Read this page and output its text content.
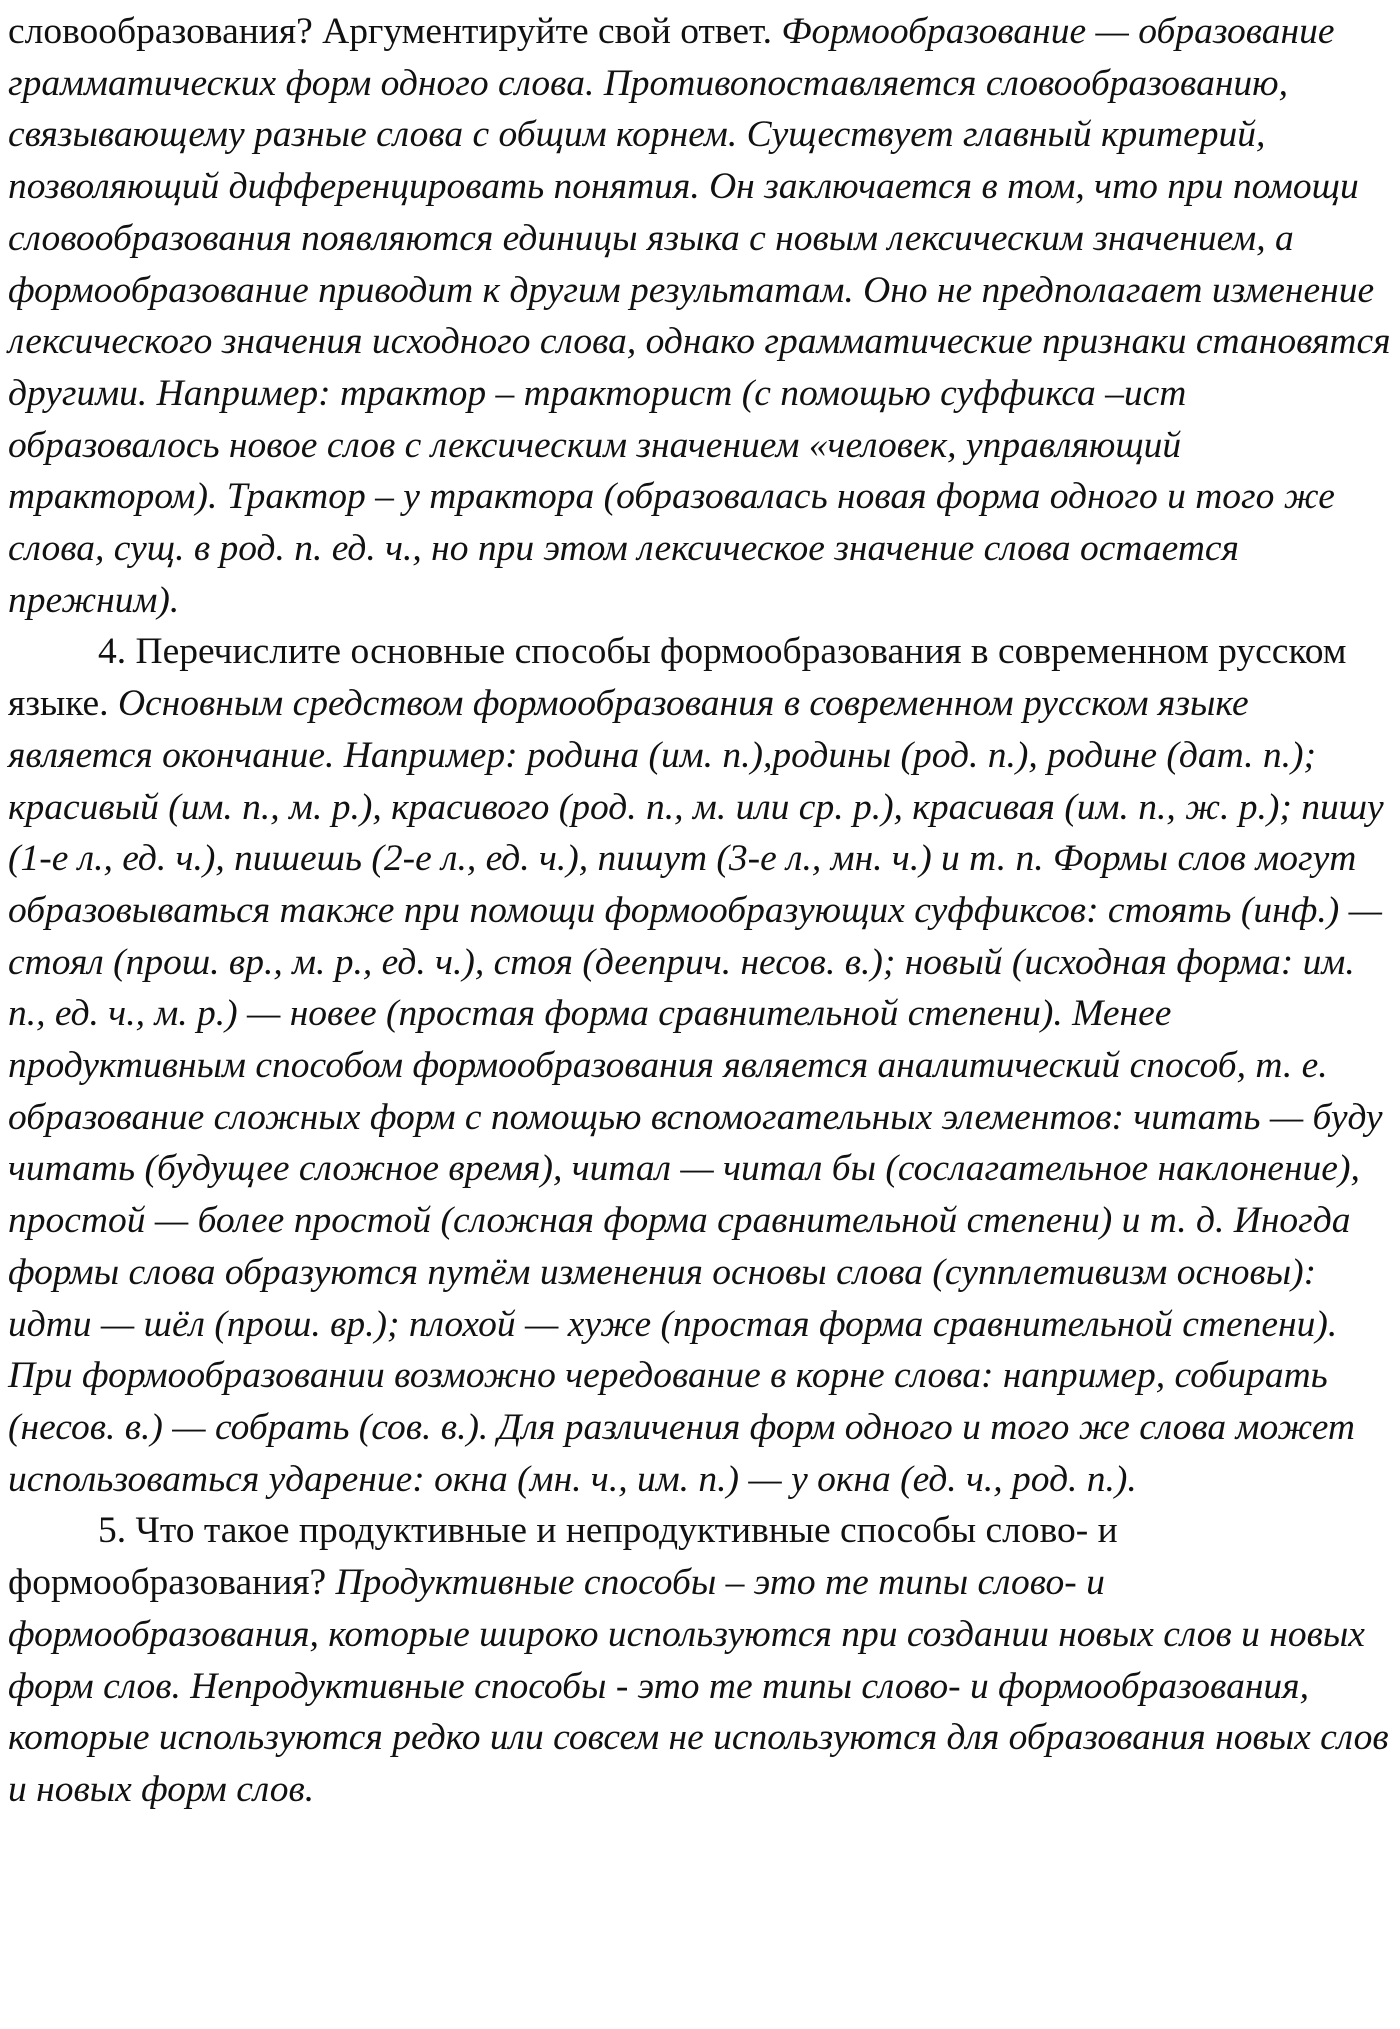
словообразования? Аргументируйте свой ответ. Формообразование — образование грамматических форм одного слова. Противопоставляется словообразованию, связывающему разные слова с общим корнем. Существует главный критерий, позволяющий дифференцировать понятия. Он заключается в том, что при помощи словообразования появляются единицы языка с новым лексическим значением, а формообразование приводит к другим результатам. Оно не предполагает изменение лексического значения исходного слова, однако грамматические признаки становятся другими. Например: трактор – тракторист (с помощью суффикса –ист образовалось новое слов с лексическим значением «человек, управляющий трактором). Трактор – у трактора (образовалась новая форма одного и того же слова, сущ. в род. п. ед. ч., но при этом лексическое значение слова остается прежним).

4. Перечислите основные способы формообразования в современном русском языке. Основным средством формообразования в современном русском языке является окончание. Например: родина (им. п.),родины (род. п.), родине (дат. п.); красивый (им. п., м. р.), красивого (род. п., м. или ср. р.), красивая (им. п., ж. р.); пишу (1-е л., ед. ч.), пишешь (2-е л., ед. ч.), пишут (3-е л., мн. ч.) и т. п. Формы слов могут образовываться также при помощи формообразующих суффиксов: стоять (инф.) — стоял (прош. вр., м. р., ед. ч.), стоя (дееприч. несов. в.); новый (исходная форма: им. п., ед. ч., м. р.) — новее (простая форма сравнительной степени). Менее продуктивным способом формообразования является аналитический способ, т. е. образование сложных форм с помощью вспомогательных элементов: читать — буду читать (будущее сложное время), читал — читал бы (сослагательное наклонение), простой — более простой (сложная форма сравнительной степени) и т. д. Иногда формы слова образуются путём изменения основы слова (супплетивизм основы): идти — шёл (прош. вр.); плохой — хуже (простая форма сравнительной степени). При формообразовании возможно чередование в корне слова: например, собирать (несов. в.) — собрать (сов. в.). Для различения форм одного и того же слова может использоваться ударение: окна (мн. ч., им. п.) — у окна (ед. ч., род. п.).

5. Что такое продуктивные и непродуктивные способы слово- и формообразования? Продуктивные способы – это те типы слово- и формообразования, которые широко используются при создании новых слов и новых форм слов. Непродуктивные способы - это те типы слово- и формообразования, которые используются редко или совсем не используются для образования новых слов и новых форм слов.
